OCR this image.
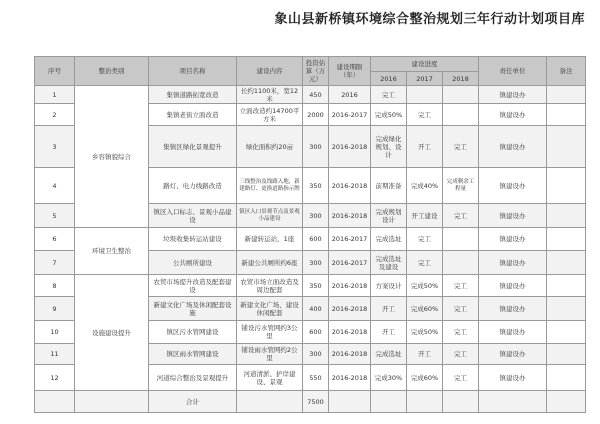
象山县新桥镇环境综合整治规划三年行动计划项目库
序号	整治类别	项目名称	建设内容	投资估算（万元）	建设期限（年）	建设进度			责任单位	备注
						2016	2017	2018		
1	乡容镇貌综合	集镇道路拓宽改造	长约1100米，宽12米	450	2016	完工			镇建设办	
2		集镇老街立面改造	立面改造约14700平方米	2000	2016-2017	完成50%	完工		镇建设办	
3		集镇区绿化景观提升	绿化面积约20亩	300	2016-2018	完成绿化规划、设计	开工	完工	镇建设办	
4		路灯、电力线路改造	三线整治及线路入地，新建路灯、更换道路指示牌	350	2016-2018	前期准备	完成40%	完成剩余工程量	镇建设办	
5		镇区入口标志、景观小品建设	镇区入口景观节点及景观小品建设	300	2016-2018	完成规划设计	开工建设	完工	镇建设办	
6	环境卫生整治	垃圾收集转运站建设	新建转运站，1座	600	2016-2017	完成选址	完工		镇建设办	
7		公共厕所建设	新建公共厕所约6座	300	2016-2017	完成选址及建设	完工		镇建设办	
8	设施建设提升	农贸市场提升改造及配套建设	农贸市场立面改造及周边配套	350	2016-2018	方案设计	完成50%	完工	镇建设办	
9		新建文化广场及休闲配套设施	新建文化广场，建设休闲配套	400	2016-2018	开工	完成60%	完工	镇建设办	
10		镇区污水管网建设	铺设污水管网约3公里	600	2016-2018	开工	完成50%	完工	镇建设办	
11		镇区雨水管网建设	铺设雨水管网约2公里	300	2016-2018	完成选址	开工	完工	镇建设办	
12		河道综合整治及景观提升	河道清淤、护岸建设、景观	550	2016-2018	完成30%	完成60%	完工	镇建设办	
		合计		7500						
